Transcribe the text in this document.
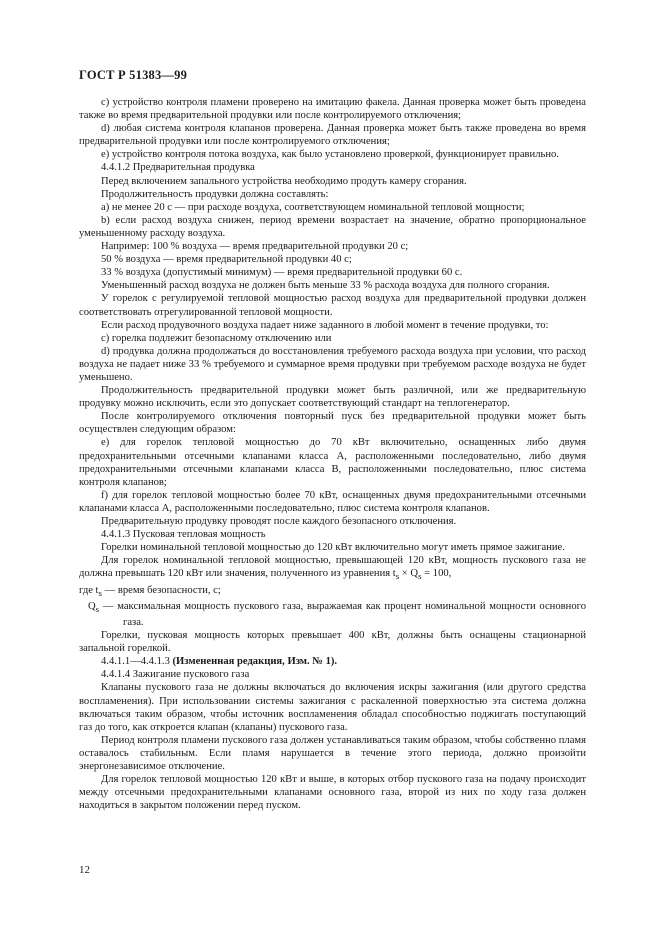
ГОСТ Р 51383—99

c) устройство контроля пламени проверено на имитацию факела. Данная проверка может быть проведена также во время предварительной продувки или после контролируемого отключения;

d) любая система контроля клапанов проверена. Данная проверка может быть также проведена во время предварительной продувки или после контролируемого отключения;

e) устройство контроля потока воздуха, как было установлено проверкой, функционирует правильно.

4.4.1.2 Предварительная продувка

Перед включением запального устройства необходимо продуть камеру сгорания.

Продолжительность продувки должна составлять:

a) не менее 20 с — при расходе воздуха, соответствующем номинальной тепловой мощности;

b) если расход воздуха снижен, период времени возрастает на значение, обратно пропорциональное уменьшенному расходу воздуха.

Например: 100 % воздуха — время предварительной продувки 20 с;

50 % воздуха — время предварительной продувки 40 с;

33 % воздуха (допустимый минимум) — время предварительной продувки 60 с.

Уменьшенный расход воздуха не должен быть меньше 33 % расхода воздуха для полного сгорания.

У горелок с регулируемой тепловой мощностью расход воздуха для предварительной продувки должен соответствовать отрегулированной тепловой мощности.

Если расход продувочного воздуха падает ниже заданного в любой момент в течение продувки, то:

c) горелка подлежит безопасному отключению или

d) продувка должна продолжаться до восстановления требуемого расхода воздуха при условии, что расход воздуха не падает ниже 33 % требуемого и суммарное время продувки при требуемом расходе воздуха не будет уменьшено.

Продолжительность предварительной продувки может быть различной, или же предварительную продувку можно исключить, если это допускает соответствующий стандарт на теплогенератор.

После контролируемого отключения повторный пуск без предварительной продувки может быть осуществлен следующим образом:

e) для горелок тепловой мощностью до 70 кВт включительно, оснащенных либо двумя предохранительными отсечными клапанами класса А, расположенными последовательно, либо двумя предохранительными отсечными клапанами класса В, расположенными последовательно, плюс система контроля клапанов;

f) для горелок тепловой мощностью более 70 кВт, оснащенных двумя предохранительными отсечными клапанами класса А, расположенными последовательно, плюс система контроля клапанов.

Предварительную продувку проводят после каждого безопасного отключения.

4.4.1.3 Пусковая тепловая мощность

Горелки номинальной тепловой мощностью до 120 кВт включительно могут иметь прямое зажигание.

Для горелок номинальной тепловой мощностью, превышающей 120 кВт, мощность пускового газа не должна превышать 120 кВт или значения, полученного из уравнения $t_s \times Q_s = 100$,

где $t_s$ — время безопасности, с;

$Q_s$ — максимальная мощность пускового газа, выражаемая как процент номинальной мощности основного газа.

Горелки, пусковая мощность которых превышает 400 кВт, должны быть оснащены стационарной запальной горелкой.

4.4.1.1—4.4.1.3 (Измененная редакция, Изм. № 1).

4.4.1.4 Зажигание пускового газа

Клапаны пускового газа не должны включаться до включения искры зажигания (или другого средства воспламенения). При использовании системы зажигания с раскаленной поверхностью эта система должна включаться таким образом, чтобы источник воспламенения обладал способностью поджигать поступающий газ до того, как откроется клапан (клапаны) пускового газа.

Период контроля пламени пускового газа должен устанавливаться таким образом, чтобы собственно пламя оставалось стабильным. Если пламя нарушается в течение этого периода, должно произойти энергонезависимое отключение.

Для горелок тепловой мощностью 120 кВт и выше, в которых отбор пускового газа на подачу происходит между отсечными предохранительными клапанами основного газа, второй из них по ходу газа должен находиться в закрытом положении перед пуском.

12
